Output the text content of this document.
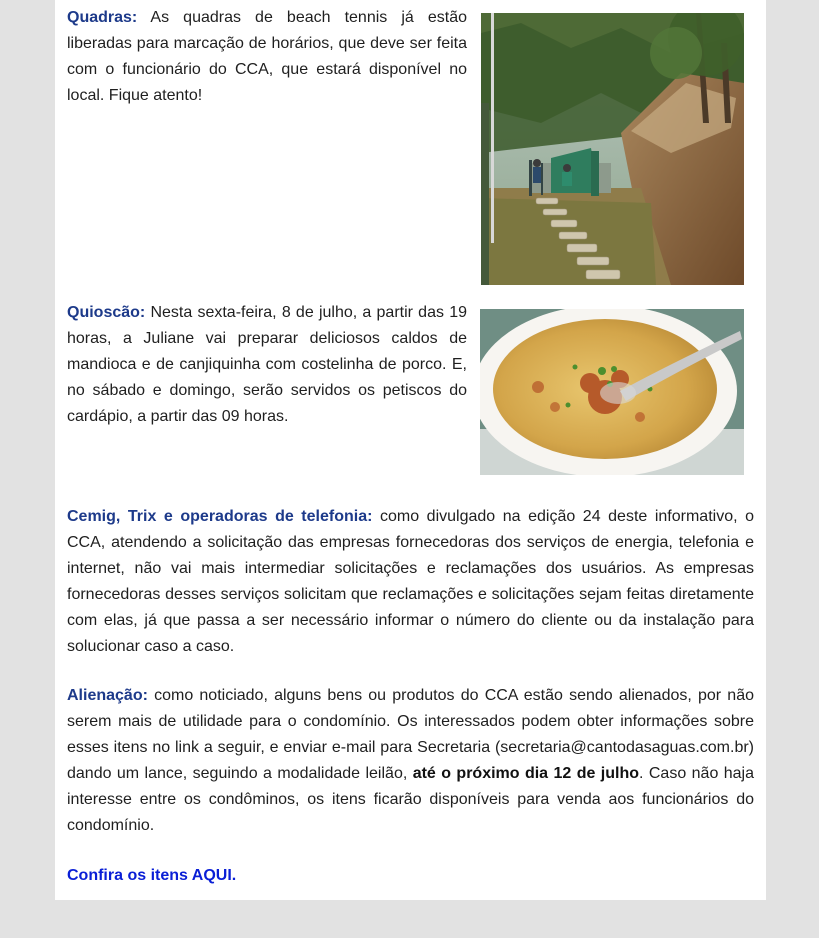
Quadras: As quadras de beach tennis já estão liberadas para marcação de horários, que deve ser feita com o funcionário do CCA, que estará disponível no local. Fique atento!

Quioscão: Nesta sexta-feira, 8 de julho, a partir das 19 horas, a Juliane vai preparar deliciosos caldos de mandioca e de canjiquinha com costelinha de porco. E, no sábado e domingo, serão servidos os petiscos do cardápio, a partir das 09 horas.

Cemig, Trix e operadoras de telefonia: como divulgado na edição 24 deste informativo, o CCA, atendendo a solicitação das empresas fornecedoras dos serviços de energia, telefonia e internet, não vai mais intermediar solicitações e reclamações dos usuários. As empresas fornecedoras desses serviços solicitam que reclamações e solicitações sejam feitas diretamente com elas, já que passa a ser necessário informar o número do cliente ou da instalação para solucionar caso a caso.

Alienação: como noticiado, alguns bens ou produtos do CCA estão sendo alienados, por não serem mais de utilidade para o condomínio. Os interessados podem obter informações sobre esses itens no link a seguir, e enviar e-mail para Secretaria (secretaria@cantodasaguas.com.br) dando um lance, seguindo a modalidade leilão, até o próximo dia 12 de julho. Caso não haja interesse entre os condôminos, os itens ficarão disponíveis para venda aos funcionários do condomínio.

Confira os itens AQUI.
